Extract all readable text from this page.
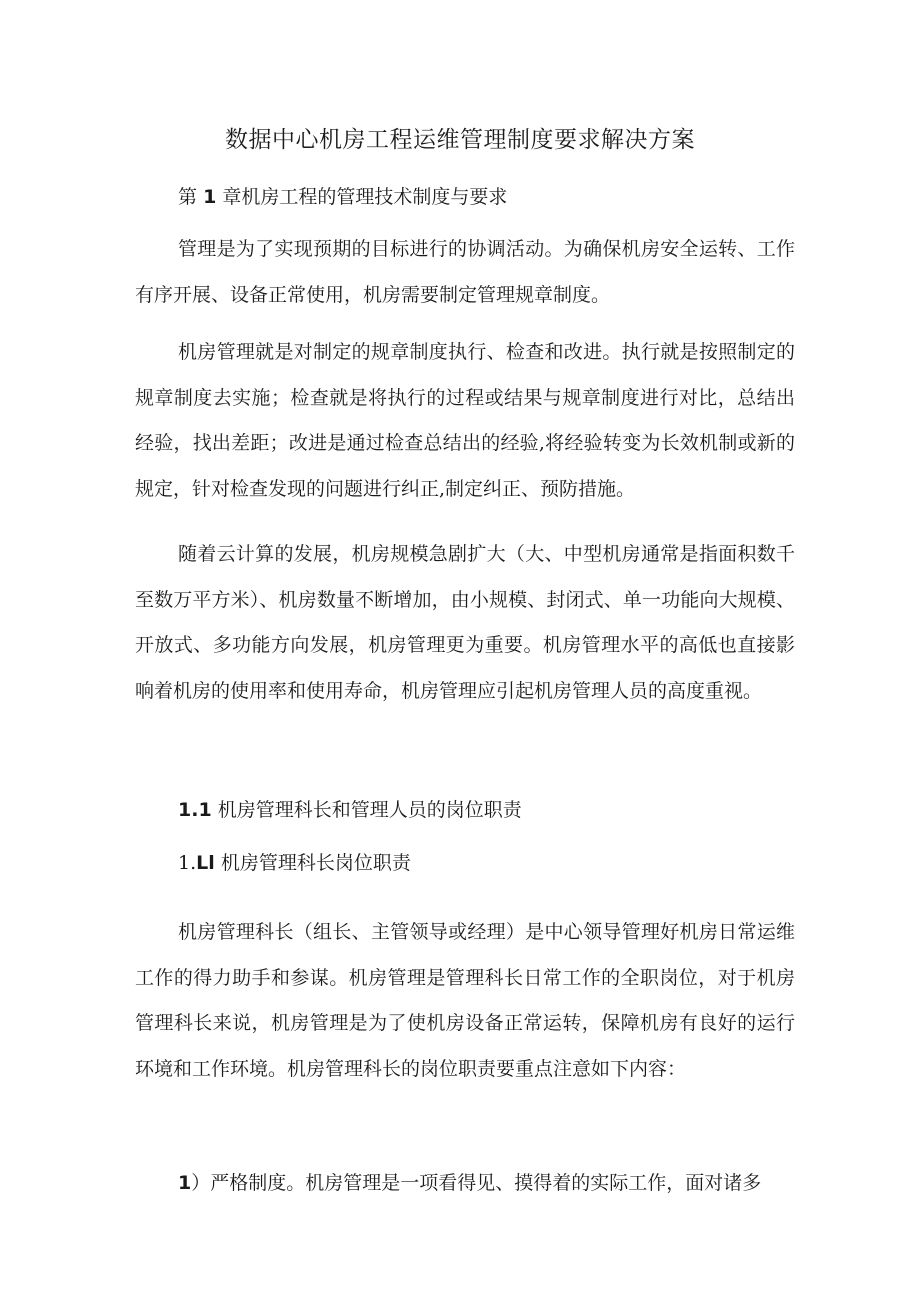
数据中心机房工程运维管理制度要求解决方案
第 1 章机房工程的管理技术制度与要求

管理是为了实现预期的目标进行的协调活动。为确保机房安全运转、工作有序开展、设备正常使用，机房需要制定管理规章制度。

机房管理就是对制定的规章制度执行、检查和改进。执行就是按照制定的规章制度去实施；检查就是将执行的过程或结果与规章制度进行对比，总结出经验，找出差距；改进是通过检查总结出的经验,将经验转变为长效机制或新的规定，针对检查发现的问题进行纠正,制定纠正、预防措施。

随着云计算的发展，机房规模急剧扩大（大、中型机房通常是指面积数千至数万平方米）、机房数量不断增加，由小规模、封闭式、单一功能向大规模、开放式、多功能方向发展，机房管理更为重要。机房管理水平的高低也直接影响着机房的使用率和使用寿命，机房管理应引起机房管理人员的高度重视。

1.1 机房管理科长和管理人员的岗位职责
1.Ll 机房管理科长岗位职责

机房管理科长（组长、主管领导或经理）是中心领导管理好机房日常运维工作的得力助手和参谋。机房管理是管理科长日常工作的全职岗位，对于机房管理科长来说，机房管理是为了使机房设备正常运转，保障机房有良好的运行环境和工作环境。机房管理科长的岗位职责要重点注意如下内容：

1）严格制度。机房管理是一项看得见、摸得着的实际工作，面对诸多
